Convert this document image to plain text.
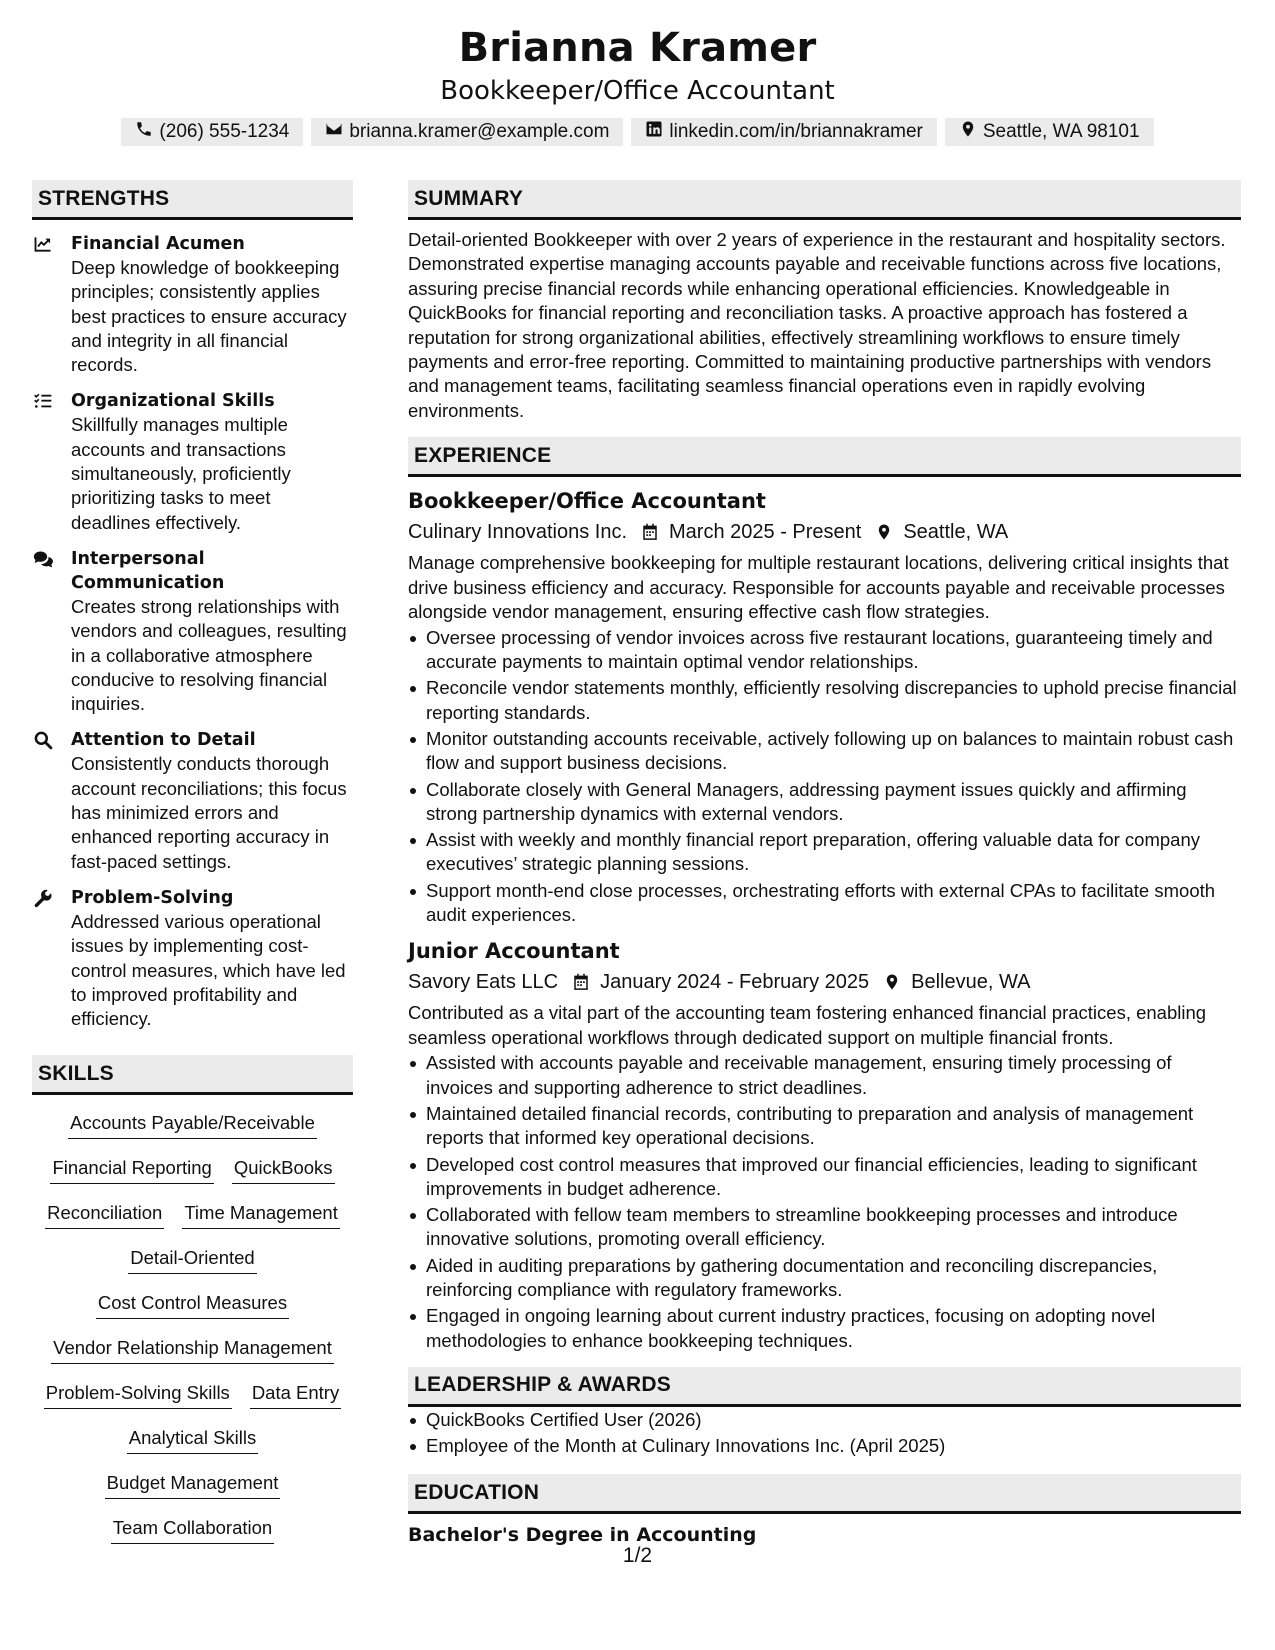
Brianna Kramer
Bookkeeper/Office Accountant
(206) 555-1234	brianna.kramer@example.com	linkedin.com/in/briannakramer	Seattle, WA 98101
STRENGTHS
Financial Acumen
Deep knowledge of bookkeeping principles; consistently applies best practices to ensure accuracy and integrity in all financial records.
Organizational Skills
Skillfully manages multiple accounts and transactions simultaneously, proficiently prioritizing tasks to meet deadlines effectively.
Interpersonal Communication
Creates strong relationships with vendors and colleagues, resulting in a collaborative atmosphere conducive to resolving financial inquiries.
Attention to Detail
Consistently conducts thorough account reconciliations; this focus has minimized errors and enhanced reporting accuracy in fast-paced settings.
Problem-Solving
Addressed various operational issues by implementing cost-control measures, which have led to improved profitability and efficiency.
SKILLS
Accounts Payable/Receivable
Financial Reporting QuickBooks
Reconciliation Time Management
Detail-Oriented
Cost Control Measures
Vendor Relationship Management
Problem-Solving Skills Data Entry
Analytical Skills
Budget Management
Team Collaboration
SUMMARY
Detail-oriented Bookkeeper with over 2 years of experience in the restaurant and hospitality sectors. Demonstrated expertise managing accounts payable and receivable functions across five locations, assuring precise financial records while enhancing operational efficiencies. Knowledgeable in QuickBooks for financial reporting and reconciliation tasks. A proactive approach has fostered a reputation for strong organizational abilities, effectively streamlining workflows to ensure timely payments and error-free reporting. Committed to maintaining productive partnerships with vendors and management teams, facilitating seamless financial operations even in rapidly evolving environments.
EXPERIENCE
Bookkeeper/Office Accountant
Culinary Innovations Inc. March 2025 - Present Seattle, WA
Manage comprehensive bookkeeping for multiple restaurant locations, delivering critical insights that drive business efficiency and accuracy. Responsible for accounts payable and receivable processes alongside vendor management, ensuring effective cash flow strategies.
Oversee processing of vendor invoices across five restaurant locations, guaranteeing timely and accurate payments to maintain optimal vendor relationships.
Reconcile vendor statements monthly, efficiently resolving discrepancies to uphold precise financial reporting standards.
Monitor outstanding accounts receivable, actively following up on balances to maintain robust cash flow and support business decisions.
Collaborate closely with General Managers, addressing payment issues quickly and affirming strong partnership dynamics with external vendors.
Assist with weekly and monthly financial report preparation, offering valuable data for company executives’ strategic planning sessions.
Support month-end close processes, orchestrating efforts with external CPAs to facilitate smooth audit experiences.
Junior Accountant
Savory Eats LLC January 2024 - February 2025 Bellevue, WA
Contributed as a vital part of the accounting team fostering enhanced financial practices, enabling seamless operational workflows through dedicated support on multiple financial fronts.
Assisted with accounts payable and receivable management, ensuring timely processing of invoices and supporting adherence to strict deadlines.
Maintained detailed financial records, contributing to preparation and analysis of management reports that informed key operational decisions.
Developed cost control measures that improved our financial efficiencies, leading to significant improvements in budget adherence.
Collaborated with fellow team members to streamline bookkeeping processes and introduce innovative solutions, promoting overall efficiency.
Aided in auditing preparations by gathering documentation and reconciling discrepancies, reinforcing compliance with regulatory frameworks.
Engaged in ongoing learning about current industry practices, focusing on adopting novel methodologies to enhance bookkeeping techniques.
LEADERSHIP & AWARDS
QuickBooks Certified User (2026)
Employee of the Month at Culinary Innovations Inc. (April 2025)
EDUCATION
Bachelor's Degree in Accounting
1/2
